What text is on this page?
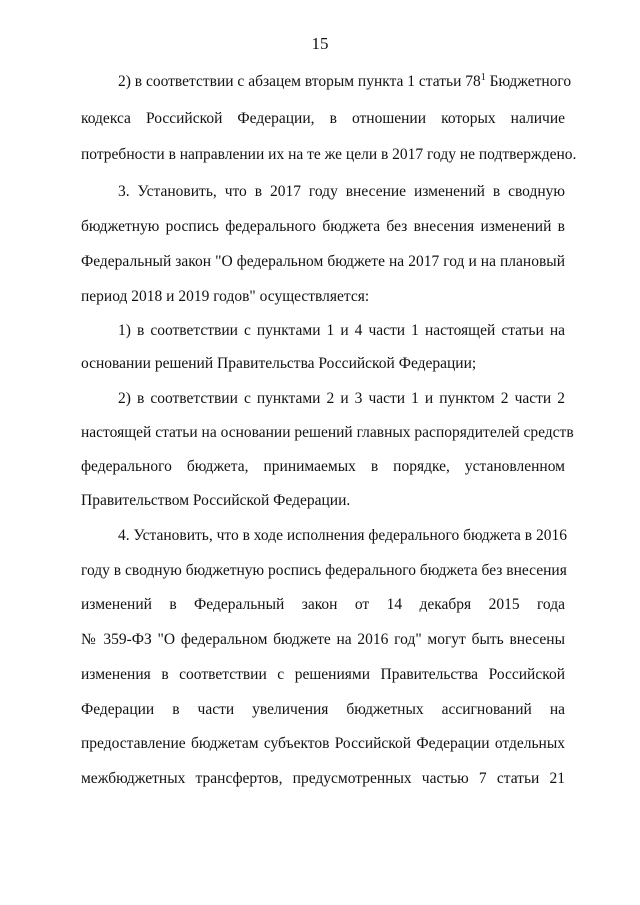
15
2) в соответствии с абзацем вторым пункта 1 статьи $78^1$ Бюджетного
кодекса Российской Федерации, в отношении которых наличие
потребности в направлении их на те же цели в 2017 году не подтверждено.
3. Установить, что в 2017 году внесение изменений в сводную
бюджетную роспись федерального бюджета без внесения изменений в
Федеральный закон "О федеральном бюджете на 2017 год и на плановый
период 2018 и 2019 годов" осуществляется:
1) в соответствии с пунктами 1 и 4 части 1 настоящей статьи на
основании решений Правительства Российской Федерации;
2) в соответствии с пунктами 2 и 3 части 1 и пунктом 2 части 2
настоящей статьи на основании решений главных распорядителей средств
федерального бюджета, принимаемых в порядке, установленном
Правительством Российской Федерации.
4. Установить, что в ходе исполнения федерального бюджета в 2016
году в сводную бюджетную роспись федерального бюджета без внесения
изменений в Федеральный закон от 14 декабря 2015 года
№ 359-ФЗ "О федеральном бюджете на 2016 год" могут быть внесены
изменения в соответствии с решениями Правительства Российской
Федерации в части увеличения бюджетных ассигнований на
предоставление бюджетам субъектов Российской Федерации отдельных
межбюджетных трансфертов, предусмотренных частью 7 статьи 21
